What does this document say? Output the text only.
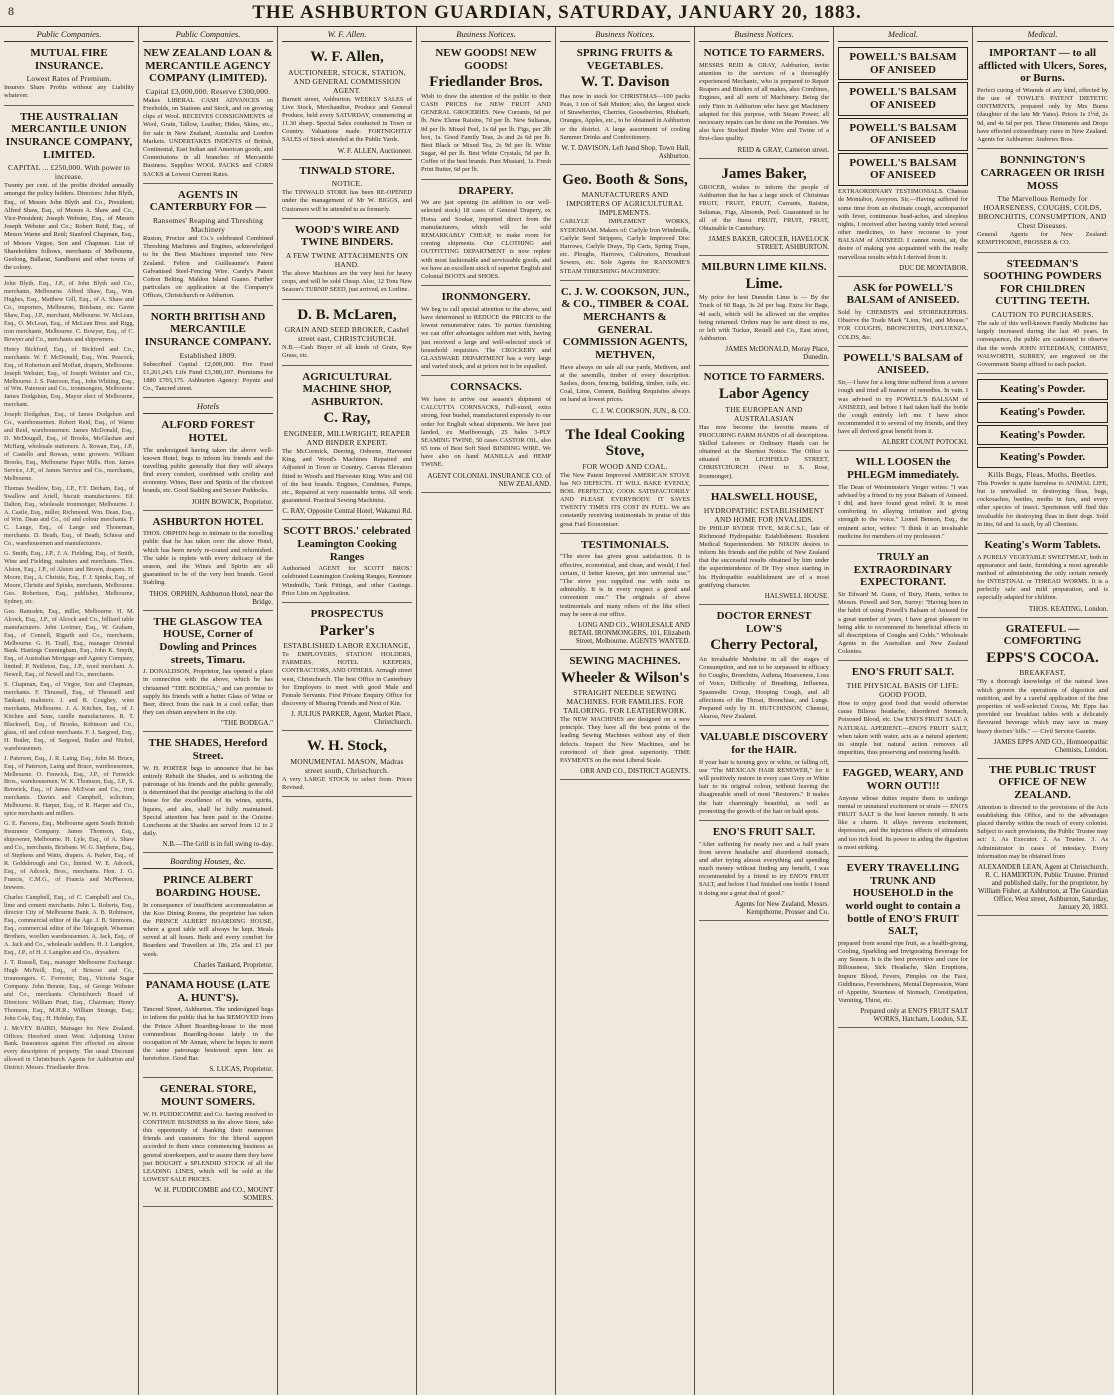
8	THE ASHBURTON GUARDIAN, SATURDAY, JANUARY 20, 1883.
Public Companies.
MUTUAL FIRE INSURANCE.
Lowest Rates of Premium.

Insurers Share Profits without any Liability whatever.

THE AUSTRALIAN MERCANTILE UNION INSURANCE COMPANY, LIMITED.
CAPITAL ... £250,000. With power to increase.

Twenty per cent. of the profits divided annually amongst the policy holders. Directors: John Blyth, Esq., of Messrs John Blyth and Co., President; Alfred Shaw, Esq., of Messrs A. Shaw and Co., Vice-President; Joseph Webster, Esq., of Messrs Joseph Webster and Co.; Robert Reid, Esq., of Messrs Warne and Reid; Stanford Chapman, Esq., of Messrs Virgoe, Son and Chapman. List of Shareholders follows, merchants of Melbourne, Geelong, Ballarat, Sandhurst and other towns of the colony.

John Blyth, Esq., J.P., of John Blyth and Co., merchants, Melbourne. Alfred Shaw, Esq., Wm. Hughes, Esq., Matthew Gill, Esq., of A. Shaw and Co., importers, Melbourne, Brisbane, etc. Gavin Shaw, Esq., J.P., merchant, Melbourne. W. McLean, Esq., O. McLean, Esq., of McLean Bros. and Rigg, iron merchants, Melbourne. C. Bowyer, Esq., of C. Bowyer and Co., merchants and shipowners.

Henry Bickford, Esq., of Bickford and Co., merchants. W. F. McDonald, Esq., Wm. Peacock, Esq., of Robertson and Moffatt, drapers, Melbourne. Joseph Webster, Esq., of Joseph Webster and Co., Melbourne. J. S. Paterson, Esq., John Whiting, Esq., of Wm. Paterson and Co., ironmongers, Melbourne. James Dodgshun, Esq., Mayor elect of Melbourne, merchant.

Joseph Dodgshun, Esq., of James Dodgshun and Co., warehousemen. Robert Reid, Esq., of Warne and Reid, warehousemen. James McDonald, Esq., D. McDougall, Esq., of Brooks, McGlashan and McHarg, wholesale stationers. A. Rowan, Esq., J.P., of Castello and Rowan, wine growers. William Brooks, Esq., Melbourne Paper Mills. Hon. James Service, J.P., of James Service and Co., merchants, Melbourne.

Thomas Swallow, Esq., J.P., F.T. Derham, Esq., of Swallow and Ariell, biscuit manufacturers. Ed. Dalton, Esq., wholesale ironmonger, Melbourne. J. A. Castle, Esq., miller, Richmond. Wm. Dean, Esq., of Wm. Dean and Co., oil and colour merchants. F. C. Lange, Esq., of Lange and Thoneman, merchants. D. Beath, Esq., of Beath, Schiess and Co., warehousemen and manufacturers.

G. Smith, Esq., J.P., J. A. Fielding, Esq., of Smith, Wine and Fielding, maltsters and merchants. Thos. Alston, Esq., J.P., of Alston and Brown, drapers. H. Moore, Esq., A. Christie, Esq., F. J. Spinks, Esq., of Moore, Christie and Spinks, merchants, Melbourne. Geo. Robertson, Esq., publisher, Melbourne, Sydney, etc.

Geo. Ramsden, Esq., miller, Melbourne. H. M. Alcock, Esq., J.P., of Alcock and Co., billiard table manufacturers. John Lorimer, Esq., W. Graham, Esq., of Connell, Rigarth and Co., merchants, Melbourne. G. H. Traill, Esq., manager Oriental Bank. Hastings Cunningham, Esq., John K. Smyth, Esq., of Australian Mortgage and Agency Company, limited. P. Nettleton, Esq., J.P., wool merchant. A. Newell, Esq., of Newell and Co., merchants.

S. Chapman, Esq., of Virgoe, Son and Chapman, merchants. F. Thrussell, Esq., of Thrussell and Tankard, maltsters. J. and R. Coughey, wine merchants, Melbourne. J. A. Kitchen, Esq., of J. Kitchen and Sons, candle manufacturers. R. T. Blackwell, Esq., of Brooks, Robinson and Co., glass, oil and colour merchants. F. J. Sargood, Esq., H. Butler, Esq., of Sargood, Butler and Nichol, warehousemen.

J. Paterson, Esq., J. R. Laing, Esq., John M. Bruce, Esq., of Paterson, Laing and Bruce, warehousemen, Melbourne. O. Fenwick, Esq., J.P., of Fenwick Bros., warehousemen. W. K. Thomson, Esq., J.P., S. Renwick, Esq., of James McEwan and Co., iron merchants. Davies and Campbell, solicitors, Melbourne. R. Harper, Esq., of R. Harper and Co., spice merchants and millers.

G. E. Parsons, Esq., Melbourne agent South British Insurance Company. James Thomson, Esq., shipowner, Melbourne. H. Lyle, Esq., of A. Shaw and Co., merchants, Brisbane. W. G. Stephens, Esq., of Stephens and Watts, drapers. A. Parker, Esq., of R. Goldsbrough and Co., limited. W. E. Adcock, Esq., of Adcock, Bros., merchants. Hon. J. G. Francis, C.M.G., of Francis and McPherson, brewers.

Charles Campbell, Esq., of C. Campbell and Co., lime and cement merchants. John L. Roberts, Esq., director City of Melbourne Bank. A. B. Robinson, Esq., commercial editor of the Age. J. B. Simmons, Esq., commercial editor of the Telegraph. Wiseman Brothers, woollen warehousemen. A. Jack, Esq., of A. Jack and Co., wholesale saddlers. H. J. Langdon, Esq., J.P., of H. J. Langdon and Co., drysalters.

J. T. Russell, Esq., manager Melbourne Exchange. Hugh McNeill, Esq., of Briscoe and Co., ironmongers. C. Forrester, Esq., Victoria Sugar Company. John Bennie, Esq., of George Webster and Co., merchants. Christchurch Board of Directors: William Pratt, Esq., Chairman; Henry Thomson, Esq., M.H.R.; William Strange, Esq.; John Cole, Esq.; H. Hobday, Esq.

J. McVEY BAIRD, Manager for New Zealand. Offices: Hereford street West. Adjoining Union Bank. Insurances against Fire effected on almost every description of property. The usual Discount allowed in Christchurch. Agents for Ashburton and District: Messrs. Friedlander Bros.

Public Companies.
NEW ZEALAND LOAN & MERCANTILE AGENCY COMPANY (LIMITED).
Capital £3,000,000. Reserve £300,000.

Makes LIBERAL CASH ADVANCES on Freeholds, on Stations and Stock, and on growing clips of Wool. RECEIVES CONSIGNMENTS of Wool, Grain, Tallow, Leather, Hides, Skins, etc., for sale in New Zealand, Australia and London Markets. UNDERTAKES INDENTS of British, Continental, East Indian and American goods, and Commissions in all branches of Mercantile Business. Supplies WOOL PACKS and CORN SACKS at Lowest Current Rates.

AGENTS IN CANTERBURY FOR —
Ransomes' Reaping and Threshing Machinery

Ruston, Proctor and Co.'s celebrated Combined Threshing Machines and Engines, acknowledged to be the Best Machines imported into New Zealand. Felton and Guilleaume's Patent Galvanised Steel-Fencing Wire. Candy's Patent Cotton Belting. Maldon Island Guano. Further particulars on application at the Company's Offices, Christchurch or Ashburton.

NORTH BRITISH AND MERCANTILE INSURANCE COMPANY.
Established 1809.

Subscribed Capital £2,000,000. Fire Fund £1,261,243. Life Fund £3,380,107. Premiums for 1880 £703,175. Ashburton Agency: Poyntz and Co., Tancred street.

Hotels
ALFORD FOREST HOTEL

The undersigned having taken the above well-known Hotel, begs to inform his friends and the travelling public generally that they will always find every comfort, combined with civility and economy. Wines, Beer and Spirits of the choicest brands, etc. Good Stabling and Secure Paddocks.

JOHN BOWICK, Proprietor.
ASHBURTON HOTEL

THOS. ORPHIN begs to intimate to the travelling public that he has taken over the above Hotel, which has been newly re-coated and refurnished. The table is replete with every delicacy of the season, and the Wines and Spirits are all guaranteed to be of the very best brands. Good Stabling.

THOS. ORPHIN, Ashburton Hotel, near the Bridge.
THE GLASGOW TEA HOUSE, Corner of Dowling and Princes streets, Timaru.

J. DONALDSON, Proprietor, has opened a place in connection with the above, which he has christened "THE BODEGA," and can promise to supply his friends with a better Glass of Wine or Beer, direct from the cask in a cool cellar, than they can obtain anywhere in the city.

"THE BODEGA."
THE SHADES, Hereford Street.

W. H. PORTER begs to announce that he has entirely Rebuilt the Shades, and is soliciting the patronage of his friends and the public generally, is determined that the prestige attaching to the old house for the excellence of its wines, spirits, liquors, and ales, shall be fully maintained. Special attention has been paid to the Cuisine. Luncheons at the Shades are served from 12 to 2 daily.

N.B.—The Grill is in full swing to-day.
Boarding Houses, &c.
PRINCE ALBERT BOARDING HOUSE.

In consequence of insufficient accommodation at the Koo Dining Rooms, the proprietor has taken the PRINCE ALBERT BOARDING HOUSE, where a good table will always be kept. Meals served at all hours. Beds and every comfort for Boarders and Travellers at 18s, 25s and £1 per week.

Charles Tankard, Proprietor.
PANAMA HOUSE (LATE A. HUNT'S).

Tancred Street, Ashburton. The undersigned begs to inform the public that he has REMOVED from the Prince Albert Boarding-house to the most commodious Boarding-house lately in the occupation of Mr Annan, where he hopes to merit the same patronage bestowed upon him as heretofore. Good Bar.

S. LUCAS, Proprietor.
GENERAL STORE, MOUNT SOMERS.

W. H. PUDDICOMBE and Co. having resolved to CONTINUE BUSINESS in the above Store, take this opportunity of thanking their numerous friends and customers for the liberal support accorded to them since commencing business as general storekeepers, and to assure them they have just BOUGHT a SPLENDID STOCK of all the LEADING LINES, which will be sold at the LOWEST SALE PRICES.

W. H. PUDDICOMBE and CO., MOUNT SOMERS.
W. F. Allen.
W. F. Allen,
AUCTIONEER, STOCK, STATION, AND GENERAL COMMISSION AGENT.

Burnett street, Ashburton. WEEKLY SALES of Live Stock, Merchandise, Produce and General Produce, held every SATURDAY, commencing at 11.30 sharp. Special Sales conducted in Town or Country. Valuations made. FORTNIGHTLY SALES of Stock attended at the Public Yards.

W. F. ALLEN, Auctioneer.
TINWALD STORE.
NOTICE.

The TINWALD STORE has been RE-OPENED under the management of Mr W. BIGGS, and Customers will be attended to as formerly.

WOOD'S WIRE AND TWINE BINDERS.
A FEW TWINE ATTACHMENTS ON HAND.

The above Machines are the very best for heavy crops, and will be sold Cheap. Also, 12 Tons New Season's TURNIP SEED, just arrived, ex Lorline.

D. B. McLaren,
GRAIN AND SEED BROKER, Cashel street east, CHRISTCHURCH.

N.B.—Cash Buyer of all kinds of Grain, Rye Grass, etc.

AGRICULTURAL MACHINE SHOP, ASHBURTON.
C. Ray,
ENGINEER, MILLWRIGHT, REAPER AND BINDER EXPERT.

The McCormick, Deering, Osborne, Harvester King, and Wood's Machines Repaired and Adjusted in Town or Country. Canvas Elevators fitted to Wood's and Harvester King. Wire and Oil of the best brands. Engines, Combines, Pumps, etc., Repaired at very reasonable terms. All work guaranteed. Practical Sewing Machinist.

C. RAY, Opposite Central Hotel, Wakanui Rd.
SCOTT BROS.' celebrated Leamington Cooking Ranges

Authorised AGENT for SCOTT BROS.' celebrated Leamington Cooking Ranges, Kenmure Windmills, Tank Fittings, and other Castings. Price Lists on Application.

PROSPECTUS
Parker's
ESTABLISHED LABOR EXCHANGE,

To EMPLOYERS, STATION HOLDERS, FARMERS, HOTEL KEEPERS, CONTRACTORS, AND OTHERS. Armagh street west, Christchurch. The best Office in Canterbury for Employers to meet with good Male and Female Servants. First Private Enquiry Office for discovery of Missing Friends and Next of Kin.

J. JULIUS PARKER, Agent, Market Place, Christchurch.
W. H. Stock,
MONUMENTAL MASON, Madras street south, Christchurch.

A very LARGE STOCK to select from. Prices Revised.

Business Notices.
NEW GOODS! NEW GOODS!
Friedlander Bros.

Wish to draw the attention of the public to their CASH PRICES for NEW FRUIT AND GENERAL GROCERIES. New Currants, 6d per lb. New Eleme Raisins, 7d per lb. New Sultanas, 8d per lb. Mixed Peel, 1s 6d per lb. Figs, per 2lb box, 1s. Good Family Teas, 2s and 2s 6d per lb. Best Black or Mixed Tea, 2s 9d per lb. White Sugar, 4d per lb. Best White Crystals, 5d per lb. Coffee of the best brands. Pure Mustard, 1s. Fresh Print Butter, 6d per lb.

DRAPERY.

We are just opening (in addition to our well-selected stock) 18 cases of General Drapery, ex Horsa and Soukar, imported direct from the manufacturers, which will be sold REMARKABLY CHEAP, to make room for coming shipments. Our CLOTHING and OUTFITTING DEPARTMENT is now replete with most fashionable and serviceable goods, and we have an excellent stock of superior English and Colonial BOOTS and SHOES.

IRONMONGERY.

We beg to call special attention to the above, and have determined to REDUCE the PRICES to the lowest remunerative rates. To parties furnishing we can offer advantages seldom met with, having just received a large and well-selected stock of household requisites. The CROCKERY and GLASSWARE DEPARTMENT has a very large and varied stock, and at prices not to be equalled.

CORNSACKS.

We have to arrive our season's shipment of CALCUTTA CORNSACKS, Full-sized, extra strong, four bushel, manufactured expressly to our order for English wheat shipments. We have just landed, ex Marlborough, 25 bales 3-PLY SEAMING TWINE, 50 cases CASTOR OIL, also 65 tons of Best Soft Steel BINDING WIRE. We have also on hand MANILLA and HEMP TWINE.

AGENT COLONIAL INSURANCE CO. of NEW ZEALAND.
Business Notices.
SPRING FRUITS & VEGETABLES.
W. T. Davison

Has now in stock for CHRISTMAS—100 packs Peas, 1 ton of Salt Mutton; also, the largest stock of Strawberries, Cherries, Gooseberries, Rhubarb, Oranges, Apples, etc., to be obtained in Ashburton or the district. A large assortment of cooling Summer Drinks and Confectionery.

W. T. DAVISON, Left hand Shop, Town Hall, Ashburton.
Geo. Booth & Sons,
MANUFACTURERS AND IMPORTERS OF AGRICULTURAL IMPLEMENTS.

CARLYLE IMPLEMENT WORKS, SYDENHAM. Makers of: Carlyle Iron Windmills, Carlyle Seed Strippers, Carlyle Improved Disc Harrows, Carlyle Drays, Tip Carts, Spring Traps, etc. Ploughs, Harrows, Cultivators, Broadcast Sowers, etc. Sole Agents for RANSOME'S STEAM THRESHING MACHINERY.

C. J. W. COOKSON, JUN., & CO., TIMBER & COAL MERCHANTS & GENERAL COMMISSION AGENTS, METHVEN,

Have always on sale all our yards, Methven, and at the sawmills, timber of every description. Sashes, doors, fencing, building, timber, rails, etc. Coal, Lime, Cement, Building Requisites always on hand at lowest prices.

C. J. W. COOKSON, JUN., & CO.
The Ideal Cooking Stove,
FOR WOOD AND COAL.

The New Patent Improved AMERICAN STOVE has NO DEFECTS. IT WILL BAKE EVENLY, BOIL PERFECTLY, COOK SATISFACTORILY AND PLEASE EVERYBODY. IT SAVES TWENTY TIMES ITS COST IN FUEL. We are constantly receiving testimonials in praise of this great Fuel Economiser.

TESTIMONIALS.

"The stove has given great satisfaction. It is effective, economical, and clean, and would, I feel certain, if better known, get into universal use." "The stove you supplied me with suits us admirably. It is in every respect a good and convenient one." The originals of above testimonials and many others of the like effect may be seen at our office.

LONG AND CO., WHOLESALE AND RETAIL IRONMONGERS, 101, Elizabeth Street, Melbourne. AGENTS WANTED.
SEWING MACHINES.
Wheeler & Wilson's
STRAIGHT NEEDLE SEWING MACHINES. FOR FAMILIES. FOR TAILORING. FOR LEATHERWORK.

The NEW MACHINES are designed on a new principle. They have all the best points of the leading Sewing Machines without any of their defects. Inspect the New Machines, and be convinced of their great superiority. TIME PAYMENTS on the most Liberal Scale.

ORR AND CO., DISTRICT AGENTS.
Business Notices.
NOTICE TO FARMERS.

MESSRS REID & GRAY, Ashburton, invite attention to the services of a thoroughly experienced Mechanic, who is prepared to Repair Reapers and Binders of all makes, also Combines, Engines, and all sorts of Machinery. Being the only Firm in Ashburton who have got Machinery adapted for this purpose, with Steam Power, all necessary repairs can be done on the Premises. We also have Stocked Binder Wire and Twine of a first-class quality.

REID & GRAY, Cameron street.
James Baker,

GROCER, wishes to inform the people of Ashburton that he has a large stock of Christmas FRUIT, FRUIT, FRUIT, Currants, Raisins, Sultanas, Figs, Almonds, Peel. Guaranteed to be all of the finest FRUIT, FRUIT, FRUIT, Obtainable in Canterbury.

JAMES BAKER, GROCER, HAVELOCK STREET, ASHBURTON.
MILBURN LIME KILNS.
Lime.

My price for best Dunedin Lime is — By the Truck of 60 Bags, 3s 2d per bag. Extra for Bags, 4d each, which will be allowed on the empties being returned. Orders may be sent direct to me, or left with Tucker, Restell and Co., East street, Ashburton.

JAMES McDONALD, Moray Place, Dunedin.
NOTICE TO FARMERS.
Labor Agency
THE EUROPEAN AND AUSTRALASIAN

Has now become the favorite means of PROCURING FARM HANDS of all descriptions. Skilled Laborers or Ordinary Hands can be obtained at the Shortest Notice. The Office is situated in LICHFIELD STREET, CHRISTCHURCH (Next to S. Rose, Ironmonger).

HALSWELL HOUSE,
HYDROPATHIC ESTABLISHMENT AND HOME FOR INVALIDS.

Dr PHILIP RYDER TIVE, M.R.C.S.I., late of Richmond Hydropathic Establishment. Resident Medical Superintendent. Mr NIXON desires to inform his friends and the public of New Zealand that the successful results obtained by him under the superintendence of Dr Tivy since starting in his Hydropathic establishment are of a most gratifying character.

HALSWELL HOUSE.
DOCTOR ERNEST LOW'S
Cherry Pectoral,

An invaluable Medicine in all the stages of Consumption, and not to be surpassed in efficacy for Coughs, Bronchitis, Asthma, Hoarseness, Loss of Voice, Difficulty of Breathing, Influenza, Spasmodic Croup, Hooping Cough, and all affections of the Throat, Bronchiae, and Lungs. Prepared only by H. HUTCHINSON, Chemist, Akaroa, New Zealand.

VALUABLE DISCOVERY for the HAIR.

If your hair is turning grey or white, or falling off, use "The MEXICAN HAIR RENEWER," for it will positively restore in every case Grey or White hair to its original colour, without leaving the disagreeable smell of most "Restorers." It makes the hair charmingly beautiful, as well as promoting the growth of the hair on bald spots.

ENO'S FRUIT SALT.

"After suffering for nearly two and a half years from severe headache and disordered stomach, and after trying almost everything and spending much money without finding any benefit, I was recommended by a friend to try ENO'S FRUIT SALT, and before I had finished one bottle I found it doing me a great deal of good."

Agents for New Zealand, Messrs. Kempthorne, Prosser and Co.
Medical.
POWELL'S BALSAM OF ANISEED
POWELL'S BALSAM OF ANISEED
POWELL'S BALSAM OF ANISEED
POWELL'S BALSAM OF ANISEED

EXTRAORDINARY TESTIMONIALS. Chateau de Montabor, Aveyron. Sir,—Having suffered for some time from an obstinate cough, accompanied with fever, continuous head-aches, and sleepless nights, I received after having vainly tried several other medicines, to have recourse to your BALSAM of ANISEED. I cannot resist, sir, the desire of making you acquainted with the really marvellous results which I derived from it.

DUC DE MONTABOR.
ASK for POWELL'S BALSAM of ANISEED.

Sold by CHEMISTS and STOREKEEPERS. Observe the Trade Mark "Lion, Net, and Mouse." FOR COUGHS, BRONCHITIS, INFLUENZA, COLDS, &c.

POWELL'S BALSAM of ANISEED.

Sir,—I have for a long time suffered from a severe cough and tried all manner of remedies. In vain. I was advised to try POWELL'S BALSAM of ANISEED, and before I had taken half the bottle the cough entirely left me. I have since recommended it to several of my friends, and they have all derived great benefit from it.

ALBERT COUNT POTOCKI.
WILL LOOSEN the PHLEGM immediately.

The Dean of Westminster's Verger writes: "I was advised by a friend to try your Balsam of Aniseed. I did, and have found great relief. It is most comforting in allaying irritation and giving strength to the voice." Lionel Benson, Esq., the eminent actor, writes: "I think it an invaluable medicine for members of my profession."

TRULY an EXTRAORDINARY EXPECTORANT.

Sir Edward M. Gunn, of Bury, Hants, writes to Messrs. Powell and Son, Surrey: "Having been in the habit of using Powell's Balsam of Aniseed for a great number of years, I have great pleasure in being able to recommend its beneficial effects in all descriptions of Coughs and Colds." Wholesale Agents in the Australian and New Zealand Colonies.

ENO'S FRUIT SALT.
THE PHYSICAL BASIS OF LIFE: GOOD FOOD.

How to enjoy good food that would otherwise cause Bilious headache, disordered Stomach, Poisoned Blood, etc. Use ENO'S FRUIT SALT. A NATURAL APERIENT.—ENO'S FRUIT SALT, when taken with water, acts as a natural aperient; its simple but natural action removes all impurities, thus preserving and restoring health.

FAGGED, WEARY, AND WORN OUT!!!

Anyone whose duties require them to undergo mental or unnatural excitement or strain — ENO'S FRUIT SALT is the best known remedy. It acts like a charm. It allays nervous excitement, depression, and the injurious effects of stimulants and too rich food. Its power in aiding the digestion is most striking.

EVERY TRAVELLING TRUNK AND HOUSEHOLD in the world ought to contain a bottle of ENO'S FRUIT SALT,

prepared from sound ripe fruit, as a health-giving, Cooling, Sparkling and Invigorating Beverage for any Season. It is the best preventive and cure for Biliousness, Sick Headache, Skin Eruptions, Impure Blood, Fevers, Pimples on the Face, Giddiness, Feverishness, Mental Depression, Want of Appetite, Sourness of Stomach, Constipation, Vomiting, Thirst, etc.

Prepared only at ENO'S FRUIT SALT WORKS, Hatcham, London, S.E.
Medical.
IMPORTANT — to all afflicted with Ulcers, Sores, or Burns.

Perfect curing of Wounds of any kind, effected by the use of TOWLE'S PATENT DIETETIC OINTMENTS, prepared only by Mrs Burns (daughter of the late Mr Yates). Prices 1s 1½d, 2s 9d, and 4s 6d per pot. These Ointments and Drops have effected extraordinary cures in New Zealand. Agents for Ashburton: Andrews Bros.

BONNINGTON'S CARRAGEEN OR IRISH MOSS
The Marvellous Remedy for HOARSENESS, COUGHS, COLDS, BRONCHITIS, CONSUMPTION, AND Chest Diseases.

General Agents for New Zealand: KEMPTHORNE, PROSSER & CO.

STEEDMAN'S SOOTHING POWDERS FOR CHILDREN CUTTING TEETH.
CAUTION TO PURCHASERS.

The sale of this well-known Family Medicine has largely increased during the last 40 years. In consequence, the public are cautioned to observe that the words JOHN STEEDMAN, CHEMIST, WALWORTH, SURREY, are engraved on the Government Stamp affixed to each packet.

Keating's Powder.
Keating's Powder.
Keating's Powder.
Keating's Powder.
Kills Bugs, Fleas, Moths, Beetles.

This Powder is quite harmless to ANIMAL LIFE, but is unrivalled in destroying fleas, bugs, cockroaches, beetles, moths in furs, and every other species of insect. Sportsmen will find this invaluable for destroying fleas in their dogs. Sold in tins, 6d and 1s each, by all Chemists.

Keating's Worm Tablets.

A PURELY VEGETABLE SWEETMEAT, both in appearance and taste, furnishing a most agreeable method of administering the only certain remedy for INTESTINAL or THREAD WORMS. It is a perfectly safe and mild preparation, and is especially adapted for children.

THOS. KEATING, London.
GRATEFUL — COMFORTING
EPPS'S COCOA.
BREAKFAST.

"By a thorough knowledge of the natural laws which govern the operations of digestion and nutrition, and by a careful application of the fine properties of well-selected Cocoa, Mr. Epps has provided our breakfast tables with a delicately flavoured beverage which may save us many heavy doctors' bills." — Civil Service Gazette.

JAMES EPPS AND CO., Homoeopathic Chemists, London.
THE PUBLIC TRUST OFFICE OF NEW ZEALAND.

Attention is directed to the provisions of the Acts establishing this Office, and to the advantages placed thereby within the reach of every colonist. Subject to such provisions, the Public Trustee may act: 1. As Executor. 2. As Trustee. 3. As Administrator in cases of intestacy. Every information may be obtained from

ALEXANDER LEAN, Agent at Christchurch. R. C. HAMERTON, Public Trustee. Printed and published daily, for the proprietor, by William Fisher, at Ashburton, at The Guardian Office, West street, Ashburton, Saturday, January 20, 1883.
